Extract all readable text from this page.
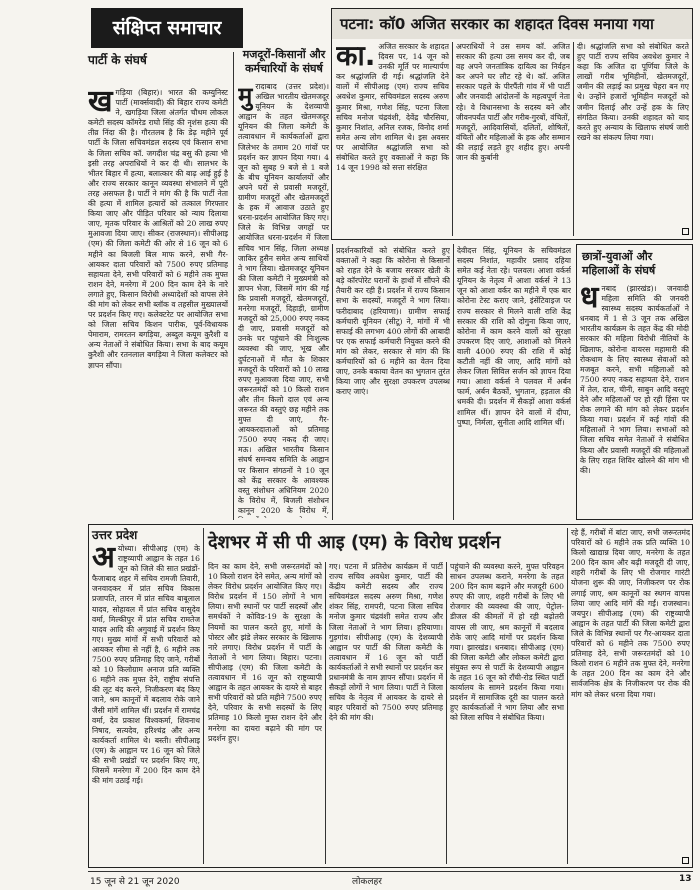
संक्षिप्त समाचार	पटना: कॉ0 अजित सरकार का शहादत दिवस मनाया गया
का. अजित सरकार के शहादत दिवस पर, 14 जून को उनकी मूर्ति पर माल्यार्पण कर श्रद्धांजलि दी गई। श्रद्धांजलि देने वालों में सीपीआइ (एम) राज्य सचिव अवधेश कुमार, सचिवमंडल सदस्य अरुण कुमार मिश्रा, गणेश सिंह, पटना जिला सचिव मनोज चंद्रवंशी, देवेंद्र चौरसिया, कुमार निशांत, अनिल रजक, विनोद शर्मा समेत अन्य लोग शामिल थे। इस अवसर पर आयोजित श्रद्धांजलि सभा को संबोधित करते हुए वक्ताओं ने कहा कि 14 जून 1998 को सत्ता संरक्षित
अपराधियों ने उस समय कॉ. अजित सरकार की हत्या उस समय कर दी, जब वह अपने जनतांत्रिक दायित्व का निर्वहन कर अपने घर लौट रहे थे। कॉ. अजित सरकार पहले के पीरपैंती गांव में भी पार्टी और जनवादी आंदोलनों के महत्वपूर्ण नेता रहे। वे विधानसभा के सदस्य बने और जीवनपर्यंत पार्टी और गरीब-गुरबों, वंचितों, मजदूरों, आदिवासियों, दलितों, शोषितों, वंचितों और महिलाओं के हक और सम्मान की लड़ाई लड़ते हुए शहीद हुए। अपनी जान की कुर्बानी
दी। श्रद्धांजलि सभा को संबोधित करते हुए पार्टी राज्य सचिव अवधेश कुमार ने कहा कि अजित दा पूर्णिया जिले के लाखों गरीब भूमिहीनों, खेतमजदूरों, जमीन की लड़ाई का प्रमुख चेहरा बन गए थे। उन्होंने हजारों भूमिहीन मजदूरों को जमीन दिलाई और उन्हें हक के लिए संगठित किया। उनकी शहादत को याद करते हुए अन्याय के खिलाफ संघर्ष जारी रखने का संकल्प लिया गया।
पार्टी के संघर्ष
ख गड़िया (बिहार)। भारत की कम्युनिस्ट पार्टी (मार्क्सवादी) की बिहार राज्य कमेटी ने, खगड़िया जिला अंतर्गत चौथम लोकल कमेटी सदस्य कॉमरेड राघो सिंह की नृशंस हत्या की तीव्र निंदा की है। गौरतलब है कि डेढ़ महीने पूर्व पार्टी के जिला सचिवमंडल सदस्य एवं किसान सभा के जिला सचिव कॉ. जगदीश चंद्र बसु की हत्या भी इसी तरह अपराधियों ने कर दी थी। सालभर के भीतर बिहार में हत्या, बलात्कार की बाढ़ आई हुई है और राज्य सरकार कानून व्यवस्था संभालने में पूरी तरह असफल है। पार्टी ने मांग की है कि पार्टी नेता की हत्या में शामिल हत्यारों को तत्काल गिरफ्तार किया जाए और पीड़ित परिवार को न्याय दिलाया जाए, मृतक परिवार के आश्रितों को 20 लाख रुपए मुआवजा दिया जाए। सीकर (राजस्थान)। सीपीआइ (एम) की जिला कमेटी की ओर से 16 जून को 6 महीने का बिजली बिल माफ करने, सभी गैर-आयकर दाता परिवारों को 7500 रुपए प्रतिमाह सहायता देने, सभी परिवारों को 6 महीने तक मुफ्त राशन देने, मनरेगा में 200 दिन काम देने के नारे लगाते हुए, किसान विरोधी अध्यादेशों को वापस लेने की मांग को लेकर सभी ब्लॉक व तहसील मुख्यालयों पर प्रदर्शन किए गए। कलेक्टरेट पर आयोजित सभा को जिला सचिव किशन पारीक, पूर्व-विधायक पेमाराम, रामरतन बगड़िया, अब्दुल कयूम कुरैशी व अन्य नेताओं ने संबोधित किया। सभा के बाद कयूम कुरैशी और रतनलाल बगड़िया ने जिला कलेक्टर को ज्ञापन सौंपा।
मजदूरों-किसानों और कर्मचारियों के संघर्ष
मु रादाबाद (उत्तर प्रदेश)। अखिल भारतीय खेतमजदूर यूनियन के देशव्यापी आह्वान के तहत खेतमजदूर यूनियन की जिला कमेटी के तत्वावधान में कार्यकर्ताओं द्वारा जिलेभर के तमाम 20 गांवों पर प्रदर्शन कर ज्ञापन दिया गया। 4 जून को सुबह 9 बजे से 1 बजे के बीच यूनियन कार्यालयों और अपने घरों से प्रवासी मजदूरों, ग्रामीण मजदूरों और खेतमजदूरों के हक में आवाज उठाते हुए धरना-प्रदर्शन आयोजित किए गए। जिले के विभिन्न जगहों पर आयोजित धरना-प्रदर्शन में जिला सचिव भान सिंह, जिला अध्यक्ष जाकिर हुसैन समेत अन्य साथियों ने भाग लिया। खेतमजदूर यूनियन की जिला कमेटी ने मुख्यमंत्री को ज्ञापन भेजा, जिसमें मांग की गई कि प्रवासी मजदूरों, खेतमजदूरों, मनरेगा मजदूरों, दिहाड़ी, ग्रामीण मजदूरों को 25,000 रुपए नकद दी जाए, प्रवासी मजदूरों को उनके घर पहुंचाने की निःशुल्क व्यवस्था की जाए, भूख और दुर्घटनाओं में मौत के शिकार मजदूरों के परिवारों को 10 लाख रुपए मुआवजा दिया जाए, सभी जरूरतमंदों को 10 किलो राशन और तीन किलो दाल एवं अन्य जरूरत की वस्तुएं छह महीने तक मुफ्त दी जाएं, गैर-आयकरदाताओं को प्रतिमाह 7500 रुपए नकद दी जाए। मऊ। अखिल भारतीय किसान संघर्ष समन्वय समिति के आह्वान पर किसान संगठनों ने 10 जून को केंद्र सरकार के आवश्यक वस्तु संशोधन अधिनियम 2020 के विरोध में, बिजली संशोधन कानून 2020 के विरोध में,
प्रदर्शनकारियों को संबोधित करते हुए वक्ताओं ने कहा कि कोरोना से किसानों को राहत देने के बजाय सरकार खेती के बड़े कॉरपोरेट घरानों के हाथों में सौंपने की तैयारी कर रही है। प्रदर्शन में राज्य किसान सभा के सदस्यों, मजदूरों ने भाग लिया। फरीदाबाद (हरियाणा)। ग्रामीण सफाई कर्मचारी यूनियन (सीटू) ने, मांगों में भी सफाई की लगभग 400 लोगों की आबादी पर एक सफाई कर्मचारी नियुक्त करने की मांग को लेकर, सरकार से मांग की कि कर्मचारियों को 6 महीने का वेतन दिया जाए, उनके बकाया वेतन का भुगतान तुरंत किया जाए और सुरक्षा उपकरण उपलब्ध कराए जाएं।
देवीदत्त सिंह, यूनियन के सचिवमंडल सदस्य निशांत, महावीर प्रसाद दहिया समेत कई नेता रहे। पलवल। आशा वर्कर्स यूनियन के नेतृत्व में आशा वर्कर्स ने 13 जून को आशा वर्कर का महीने में एक बार कोरोना टेस्ट कराए जाने, इंसेंटिवाइज पर राज्य सरकार से मिलने वाली राशि केंद्र सरकार की राशि को दोगुना किया जाए, कोरोना में काम करने वालों को सुरक्षा उपकरण दिए जाएं, आशाओं को मिलने वाली 4000 रुपए की राशि में कोई कटौती नहीं की जाए, आदि मांगों को लेकर जिला सिविल सर्जन को ज्ञापन दिया गया। आशा वर्कर्स ने पलवल में अर्बन फार्म, अर्बन बैठकों, भुगतान, हड़ताल की धमकी दी। प्रदर्शन में सैकड़ों आशा वर्कर्स शामिल थीं। ज्ञापन देने वालों में दीपा, पुष्पा, निर्मला, सुनीता आदि शामिल थीं।
छात्रों-युवाओं और महिलाओं के संघर्ष
ध नबाद (झारखंड)। जनवादी महिला समिति की जनवरी स्वास्थ्य सदस्य कार्यकर्ताओं ने धनबाद में 1 से 3 जून तक अखिल भारतीय कार्यक्रम के तहत केंद्र की मोदी सरकार की महिला विरोधी नीतियों के खिलाफ, कोरोना वायरस महामारी की रोकथाम के लिए स्वास्थ्य सेवाओं को मजबूत करने, सभी महिलाओं को 7500 रुपए नकद सहायता देने, राशन में तेल, दाल, चीनी, साबुन आदि वस्तुएं देने और महिलाओं पर हो रही हिंसा पर रोक लगाने की मांग को लेकर प्रदर्शन किया गया। प्रदर्शन में कई गांवों की महिलाओं ने भाग लिया। सभाओं को जिला सचिव समेत नेताओं ने संबोधित किया और प्रवासी मजदूरों की महिलाओं के लिए राहत शिविर खोलने की मांग भी की।
उत्तर प्रदेश
अ योध्या। सीपीआइ (एम) के राष्ट्रव्यापी आह्वान के तहत 16 जून को जिले की सात प्रखंडों-फैजाबाद शहर में सचिव रामजी तिवारी, जनवादकर में प्रांत सचिव विकास प्रजापति, तारन में प्रांत सचिव बाबूलाल यादव, सोहावल में प्रांत सचिव वासुदेव वर्मा, मिल्कीपुर में प्रांत सचिव रामतेज यादव आदि की अगुवाई में प्रदर्शन किए गए। मुख्य मांगों में सभी परिवारों को आयकर सीमा से नहीं है, 6 महीने तक 7500 रुपए प्रतिमाह दिए जाने, गरीबों को 10 किलोग्राम अनाज प्रति व्यक्ति 6 महीने तक मुफ्त देने, राष्ट्रीय संपत्ति की लूट बंद करने, निजीकरण बंद किए जाने, श्रम कानूनों में बदलाव रोके जाने जैसी मांगें शामिल थीं। प्रदर्शन में रामचंद्र वर्मा, देव प्रकाश विश्वकर्मा, शिवनाथ निषाद, सत्यदेव, हरिश्चंद्र और अन्य कार्यकर्ता शामिल थे। बस्ती। सीपीआइ (एम) के आह्वान पर 16 जून को जिले की सभी प्रखंडों पर प्रदर्शन किए गए, जिसमें मनरेगा में 200 दिन काम देने की मांग उठाई गई।
देशभर में सी पी आइ (एम) के विरोध प्रदर्शन
दिन का काम देने, सभी जरूरतमंदों को 10 किलो राशन देने समेत, अन्य मांगों को लेकर विरोध प्रदर्शन आयोजित किए गए। विरोध प्रदर्शन में 150 लोगों ने भाग लिया। सभी स्थानों पर पार्टी सदस्यों और समर्थकों ने कोविड-19 के सुरक्षा के नियमों का पालन करते हुए, मांगों के पोस्टर और झंडे लेकर सरकार के खिलाफ नारे लगाए। विरोध प्रदर्शन में पार्टी के नेताओं ने भाग लिया। बिहार। पटना। सीपीआइ (एम) की जिला कमेटी के तत्वावधान में 16 जून को राष्ट्रव्यापी आह्वान के तहत आयकर के दायरे से बाहर सभी परिवारों को प्रति महीने 7500 रुपए देने, परिवार के सभी सदस्यों के लिए प्रतिमाह 10 किलो मुफ्त राशन देने और मनरेगा का दायरा बढ़ाने की मांग पर प्रदर्शन हुए।
गए। पटना में प्रतिरोध कार्यक्रम में पार्टी राज्य सचिव अवधेश कुमार, पार्टी की केंद्रीय कमेटी सदस्य और राज्य सचिवमंडल सदस्य अरुण मिश्रा, गणेश शंकर सिंह, रामपरी, पटना जिला सचिव मनोज कुमार चंद्रवंशी समेत राज्य और जिला नेताओं ने भाग लिया। हरियाणा। गुड़गांव। सीपीआइ (एम) के देशव्यापी आह्वान पर पार्टी की जिला कमेटी के तत्वावधान में 16 जून को पार्टी कार्यकर्ताओं ने सभी स्थानों पर प्रदर्शन कर प्रधानमंत्री के नाम ज्ञापन सौंपा। प्रदर्शन में सैकड़ों लोगों ने भाग लिया। पार्टी ने जिला सचिव के नेतृत्व में आयकर के दायरे से बाहर परिवारों को 7500 रुपए प्रतिमाह देने की मांग की।
पहुंचाने की व्यवस्था करने, मुफ्त परिवहन साधन उपलब्ध कराने, मनरेगा के तहत 200 दिन काम बढ़ाने और मजदूरी 600 रुपए की जाए, शहरी गरीबों के लिए भी रोजगार की व्यवस्था की जाए, पेट्रोल-डीजल की कीमतों में हो रही बढ़ोतरी वापस ली जाए, श्रम कानूनों में बदलाव रोके जाएं आदि मांगों पर प्रदर्शन किया गया। झारखंड। धनबाद। सीपीआइ (एम) की जिला कमेटी और लोकल कमेटी द्वारा संयुक्त रूप से पार्टी के देशव्यापी आह्वान के तहत 16 जून को राँची-रोड स्थित पार्टी कार्यालय के सामने प्रदर्शन किया गया। प्रदर्शन में सामाजिक दूरी का पालन करते हुए कार्यकर्ताओं ने भाग लिया और सभा को जिला सचिव ने संबोधित किया।
रहे हैं, गरीबों में बांटा जाए, सभी जरूरतमंद परिवारों को 6 महीने तक प्रति व्यक्ति 10 किलो खाद्यान्न दिया जाए, मनरेगा के तहत 200 दिन काम और बढ़ी मजदूरी दी जाए, शहरी गरीबों के लिए भी रोजगार गारंटी योजना शुरू की जाए, निजीकरण पर रोक लगाई जाए, श्रम कानूनों का स्थगन वापस लिया जाए आदि मांगें की गईं। राजस्थान। जयपुर। सीपीआइ (एम) की राष्ट्रव्यापी आह्वान के तहत पार्टी की जिला कमेटी द्वारा जिले के विभिन्न स्थानों पर गैर-आयकर दाता परिवारों को 6 महीने तक 7500 रुपए प्रतिमाह देने, सभी जरूरतमंदों को 10 किलो राशन 6 महीने तक मुफ्त देने, मनरेगा के तहत 200 दिन का काम देने और सार्वजनिक क्षेत्र के निजीकरण पर रोक की मांग को लेकर धरना दिया गया।
15 जून से 21 जून 2020	लोकलहर	13
